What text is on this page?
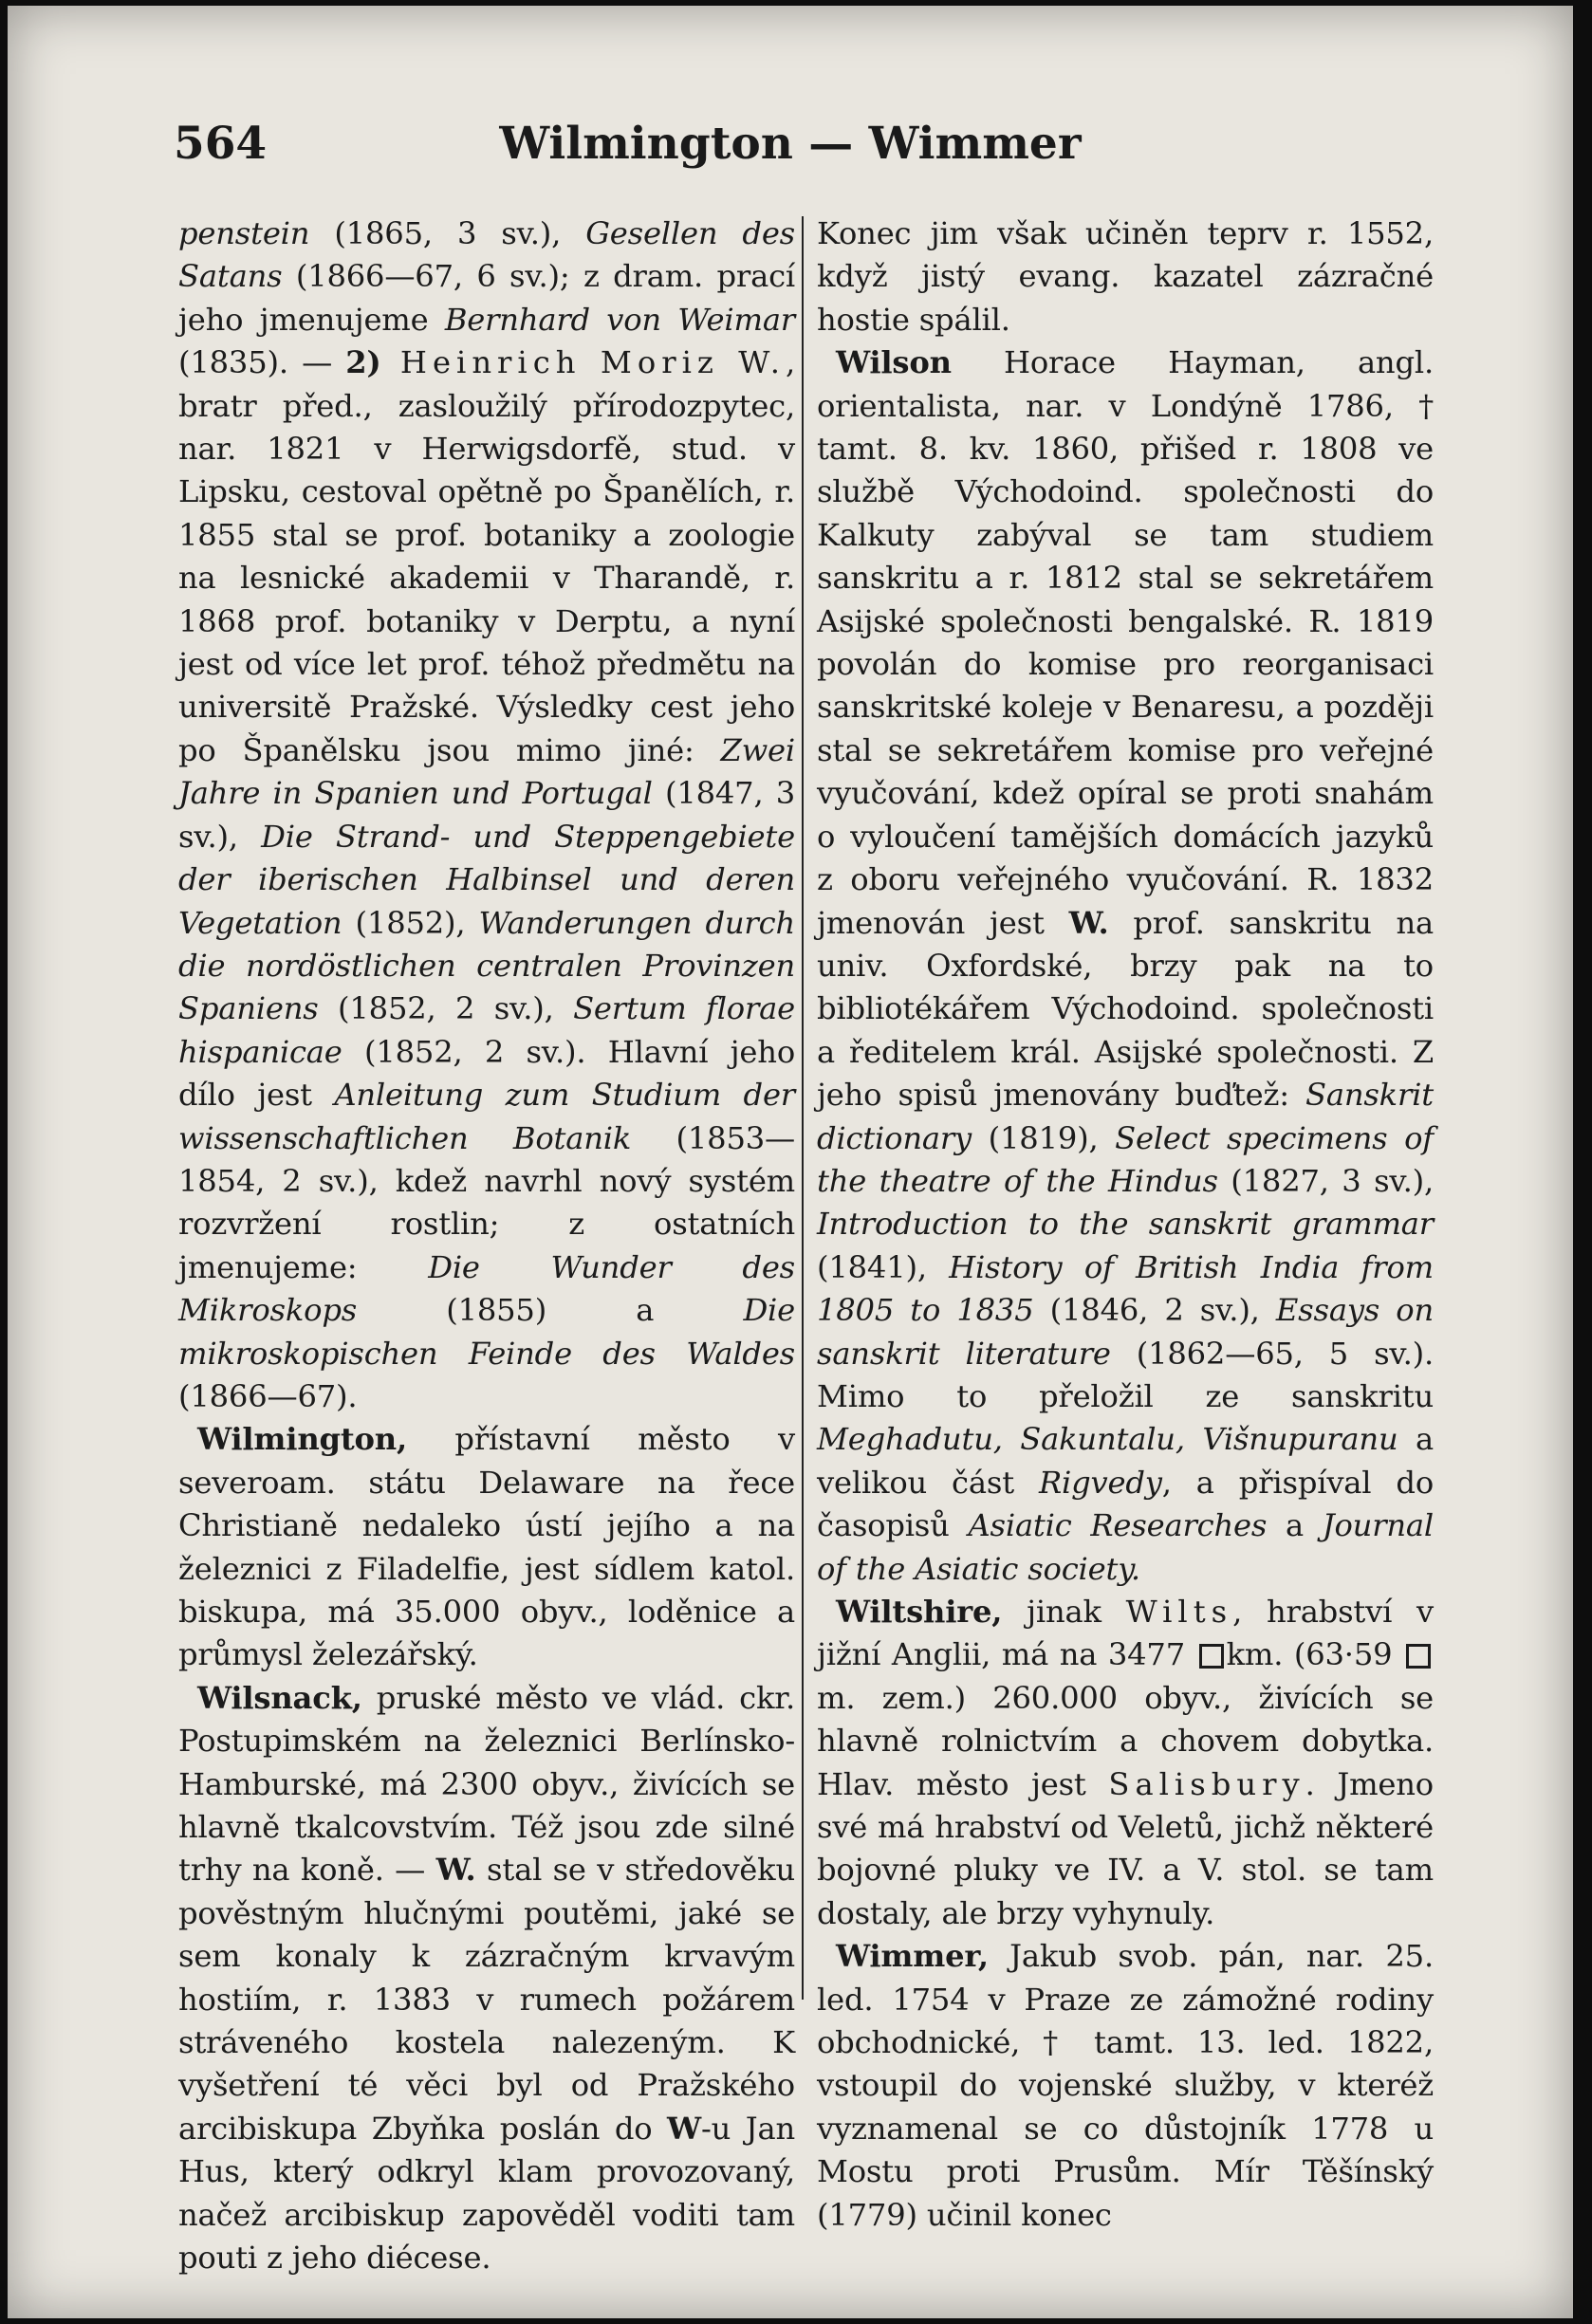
564	Wilmington — Wimmer

penstein (1865, 3 sv.), Gesellen des Satans (1866—67, 6 sv.); z dram. prací jeho jmenujeme Bernhard von Weimar (1835). — 2) Heinrich Moriz W., bratr před., zasloužilý přírodozpytec, nar. 1821 v Herwigsdorfě, stud. v Lipsku, cestoval opětně po Španělích, r. 1855 stal se prof. botaniky a zoologie na lesnické akademii v Tharandě, r. 1868 prof. botaniky v Derptu, a nyní jest od více let prof. téhož předmětu na universitě Pražské. Výsledky cest jeho po Španělsku jsou mimo jiné: Zwei Jahre in Spanien und Portugal (1847, 3 sv.), Die Strand- und Steppengebiete der iberischen Halbinsel und deren Vegetation (1852), Wanderungen durch die nordöstlichen centralen Provinzen Spaniens (1852, 2 sv.), Sertum florae hispanicae (1852, 2 sv.). Hlavní jeho dílo jest Anleitung zum Studium der wissenschaftlichen Botanik (1853—1854, 2 sv.), kdež navrhl nový systém rozvržení rostlin; z ostatních jmenujeme: Die Wunder des Mikroskops (1855) a Die mikroskopischen Feinde des Waldes (1866—67).

Wilmington, přístavní město v severoam. státu Delaware na řece Christianě nedaleko ústí jejího a na železnici z Filadelfie, jest sídlem katol. biskupa, má 35.000 obyv., loděnice a průmysl železářský.

Wilsnack, pruské město ve vlád. ckr. Postupimském na železnici Berlínsko-Hamburské, má 2300 obyv., živících se hlavně tkalcovstvím. Též jsou zde silné trhy na koně. — W. stal se v středověku pověstným hlučnými poutěmi, jaké se sem konaly k zázračným krvavým hostiím, r. 1383 v rumech požárem stráveného kostela nalezeným. K vyšetření té věci byl od Pražského arcibiskupa Zbyňka poslán do W-u Jan Hus, který odkryl klam provozovaný, načež arcibiskup zapověděl voditi tam pouti z jeho diécese.

Konec jim však učiněn teprv r. 1552, když jistý evang. kazatel zázračné hostie spálil.

Wilson Horace Hayman, angl. orientalista, nar. v Londýně 1786, † tamt. 8. kv. 1860, přišed r. 1808 ve službě Východoind. společnosti do Kalkuty zabýval se tam studiem sanskritu a r. 1812 stal se sekretářem Asijské společnosti bengalské. R. 1819 povolán do komise pro reorganisaci sanskritské koleje v Benaresu, a později stal se sekretářem komise pro veřejné vyučování, kdež opíral se proti snahám o vyloučení tamějších domácích jazyků z oboru veřejného vyučování. R. 1832 jmenován jest W. prof. sanskritu na univ. Oxfordské, brzy pak na to bibliotékářem Východoind. společnosti a ředitelem král. Asijské společnosti. Z jeho spisů jmenovány buďtež: Sanskrit dictionary (1819), Select specimens of the theatre of the Hindus (1827, 3 sv.), Introduction to the sanskrit grammar (1841), History of British India from 1805 to 1835 (1846, 2 sv.), Essays on sanskrit literature (1862—65, 5 sv.). Mimo to přeložil ze sanskritu Meghadutu, Sakuntalu, Višnupuranu a velikou část Rigvedy, a přispíval do časopisů Asiatic Researches a Journal of the Asiatic society.

Wiltshire, jinak Wilts, hrabství v jižní Anglii, má na 3477 km. (63·59 m. zem.) 260.000 obyv., živících se hlavně rolnictvím a chovem dobytka. Hlav. město jest Salisbury. Jmeno své má hrabství od Veletů, jichž některé bojovné pluky ve IV. a V. stol. se tam dostaly, ale brzy vyhynuly.

Wimmer, Jakub svob. pán, nar. 25. led. 1754 v Praze ze zámožné rodiny obchodnické, † tamt. 13. led. 1822, vstoupil do vojenské služby, v kteréž vyznamenal se co důstojník 1778 u Mostu proti Prusům. Mír Těšínský (1779) učinil konec
